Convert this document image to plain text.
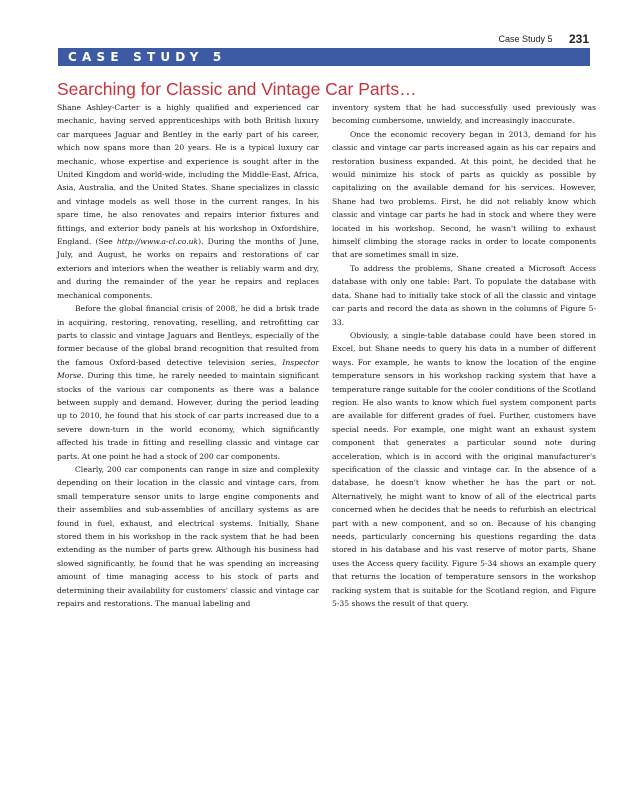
Case Study 5 231
CASE STUDY 5
Searching for Classic and Vintage Car Parts…

Shane Ashley-Carter is a highly qualified and experienced car mechanic, having served apprenticeships with both British luxury car marquees Jaguar and Bentley in the early part of his career, which now spans more than 20 years. He is a typical luxury car mechanic, whose expertise and experience is sought after in the United Kingdom and world-wide, including the Middle-East, Africa, Asia, Australia, and the United States. Shane specializes in classic and vintage models as well those in the current ranges. In his spare time, he also renovates and repairs interior fixtures and fittings, and exterior body panels at his workshop in Oxfordshire, England. (See http://www.a-cl.co.uk). During the months of June, July, and August, he works on repairs and restorations of car exteriors and interiors when the weather is reliably warm and dry, and during the remainder of the year he repairs and replaces mechanical components.

Before the global financial crisis of 2008, he did a brisk trade in acquiring, restoring, renovating, reselling, and retrofitting car parts to classic and vintage Jaguars and Bentleys, especially of the former because of the global brand recognition that resulted from the famous Oxford-based detective television series, Inspector Morse. During this time, he rarely needed to maintain significant stocks of the various car components as there was a balance between supply and demand. However, during the period leading up to 2010, he found that his stock of car parts increased due to a severe down-turn in the world economy, which significantly affected his trade in fitting and reselling classic and vintage car parts. At one point he had a stock of 200 car components.

Clearly, 200 car components can range in size and complexity depending on their location in the classic and vintage cars, from small temperature sensor units to large engine components and their assemblies and sub-assemblies of ancillary systems as are found in fuel, exhaust, and electrical systems. Initially, Shane stored them in his workshop in the rack system that he had been extending as the number of parts grew. Although his business had slowed significantly, he found that he was spending an increasing amount of time managing access to his stock of parts and determining their availability for customers' classic and vintage car repairs and restorations. The manual labeling and

inventory system that he had successfully used previously was becoming cumbersome, unwieldy, and increasingly inaccurate.

Once the economic recovery began in 2013, demand for his classic and vintage car parts increased again as his car repairs and restoration business expanded. At this point, he decided that he would minimize his stock of parts as quickly as possible by capitalizing on the available demand for his services. However, Shane had two problems. First, he did not reliably know which classic and vintage car parts he had in stock and where they were located in his workshop. Second, he wasn't willing to exhaust himself climbing the storage racks in order to locate components that are sometimes small in size.

To address the problems, Shane created a Microsoft Access database with only one table: Part. To populate the database with data, Shane had to initially take stock of all the classic and vintage car parts and record the data as shown in the columns of Figure 5-33.

Obviously, a single-table database could have been stored in Excel, but Shane needs to query his data in a number of different ways. For example, he wants to know the location of the engine temperature sensors in his workshop racking system that have a temperature range suitable for the cooler conditions of the Scotland region. He also wants to know which fuel system component parts are available for different grades of fuel. Further, customers have special needs. For example, one might want an exhaust system component that generates a particular sound note during acceleration, which is in accord with the original manufacturer's specification of the classic and vintage car. In the absence of a database, he doesn't know whether he has the part or not. Alternatively, he might want to know of all of the electrical parts concerned when he decides that he needs to refurbish an electrical part with a new component, and so on. Because of his changing needs, particularly concerning his questions regarding the data stored in his database and his vast reserve of motor parts, Shane uses the Access query facility. Figure 5-34 shows an example query that returns the location of temperature sensors in the workshop racking system that is suitable for the Scotland region, and Figure 5-35 shows the result of that query.
